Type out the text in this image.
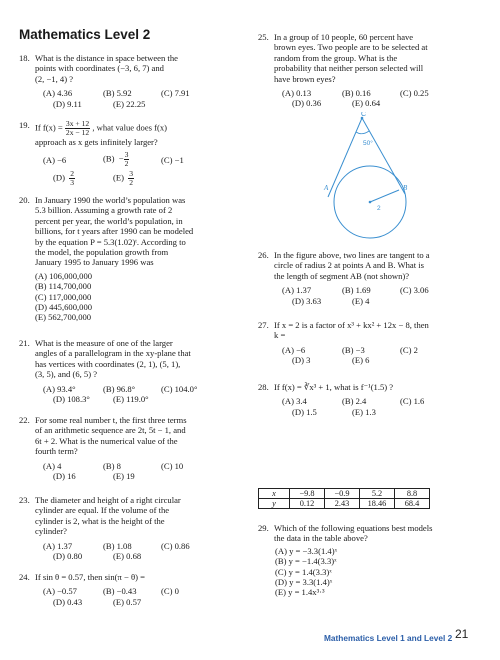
Mathematics Level 2
18. What is the distance in space between the
points with coordinates (−3, 6, 7) and
(2, −1, 4) ?
(A) 4.36	(B) 5.92	(C) 7.91
(D) 9.11	(E) 22.25
19. If $f(x) = \frac{3x + 12}{2x - 12}$ , what value does f(x)
approach as x gets infinitely larger?
(A) −6	$(B) - \frac{3}{2}$	(C) −1
$(D) \frac{2}{3}$	$(E) \frac{3}{2}$
20. In January 1990 the world’s population was
5.3 billion. Assuming a growth rate of 2
percent per year, the world’s population, in
billions, for t years after 1990 can be modeled
by the equation P = 5.3(1.02)ᵗ. According to
the model, the population growth from
January 1995 to January 1996 was
(A) 106,000,000
(B) 114,700,000
(C) 117,000,000
(D) 445,600,000
(E) 562,700,000
21. What is the measure of one of the larger
angles of a parallelogram in the xy-plane that
has vertices with coordinates (2, 1), (5, 1),
(3, 5), and (6, 5) ?
(A) 93.4°	(B) 96.8°	(C) 104.0°
(D) 108.3°	(E) 119.0°
22. For some real number t, the first three terms
of an arithmetic sequence are 2t, 5t − 1, and
6t + 2. What is the numerical value of the
fourth term?
(A) 4	(B) 8	(C) 10
(D) 16	(E) 19
23. The diameter and height of a right circular
cylinder are equal. If the volume of the
cylinder is 2, what is the height of the
cylinder?
(A) 1.37	(B) 1.08	(C) 0.86
(D) 0.80	(E) 0.68
24. If sin θ = 0.57, then sin(π − θ) =
(A) −0.57	(B) −0.43	(C) 0
(D) 0.43	(E) 0.57
25. In a group of 10 people, 60 percent have
brown eyes. Two people are to be selected at
random from the group. What is the
probability that neither person selected will
have brown eyes?
(A) 0.13	(B) 0.16	(C) 0.25
(D) 0.36	(E) 0.64
26. In the figure above, two lines are tangent to a
circle of radius 2 at points A and B. What is
the length of segment AB (not shown)?
(A) 1.37	(B) 1.69	(C) 3.06
(D) 3.63	(E) 4
27. If x = 2 is a factor of x³ + kx² + 12x − 8, then
k =
(A) −6	(B) −3	(C) 2
(D) 3	(E) 6
28. If f(x) = ∛x³ + 1, what is f⁻¹(1.5) ?
(A) 3.4	(B) 2.4	(C) 1.6
(D) 1.5	(E) 1.3
29. Which of the following equations best models
the data in the table above?
(A) y = −3.3(1.4)ˣ
(B) y = −1.4(3.3)ˣ
(C) y = 1.4(3.3)ˣ
(D) y = 3.3(1.4)ˣ
(E) y = 1.4x³·³
C
A	B
50°
2
x	−9.8	−0.9	5.2	8.8
y	0.12	2.43	18.46	68.4
Mathematics Level 1 and Level 2 21
